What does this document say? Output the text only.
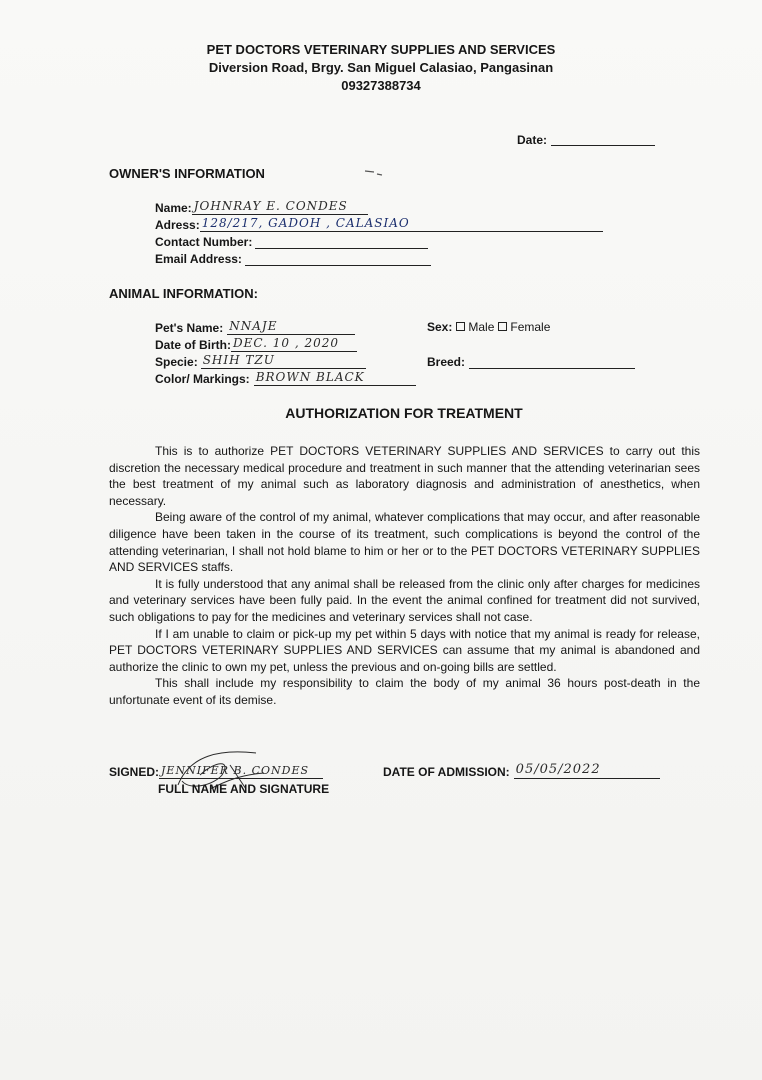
PET DOCTORS VETERINARY SUPPLIES AND SERVICES
Diversion Road, Brgy. San Miguel Calasiao, Pangasinan
09327388734
Date:
OWNER'S INFORMATION
Name: JOHNRAY E. CONDES
Adress: 128/217, GADOH , CALASIAO
Contact Number:
Email Address:
ANIMAL INFORMATION:
Pet's Name: NNAJE
Date of Birth: DEC. 10 , 2020
Specie: SHIH TZU
Color/ Markings: BROWN BLACK
Sex: Male Female
Breed:
AUTHORIZATION FOR TREATMENT

This is to authorize PET DOCTORS VETERINARY SUPPLIES AND SERVICES to carry out this discretion the necessary medical procedure and treatment in such manner that the attending veterinarian sees the best treatment of my animal such as laboratory diagnosis and administration of anesthetics, when necessary.

Being aware of the control of my animal, whatever complications that may occur, and after reasonable diligence have been taken in the course of its treatment, such complications is beyond the control of the attending veterinarian, I shall not hold blame to him or her or to the PET DOCTORS VETERINARY SUPPLIES AND SERVICES staffs.

It is fully understood that any animal shall be released from the clinic only after charges for medicines and veterinary services have been fully paid. In the event the animal confined for treatment did not survived, such obligations to pay for the medicines and veterinary services shall not case.

If I am unable to claim or pick-up my pet within 5 days with notice that my animal is ready for release, PET DOCTORS VETERINARY SUPPLIES AND SERVICES can assume that my animal is abandoned and authorize the clinic to own my pet, unless the previous and on-going bills are settled.

This shall include my responsibility to claim the body of my animal 36 hours post-death in the unfortunate event of its demise.

SIGNED: JENNIFER B. CONDES
FULL NAME AND SIGNATURE
DATE OF ADMISSION: 05/05/2022
